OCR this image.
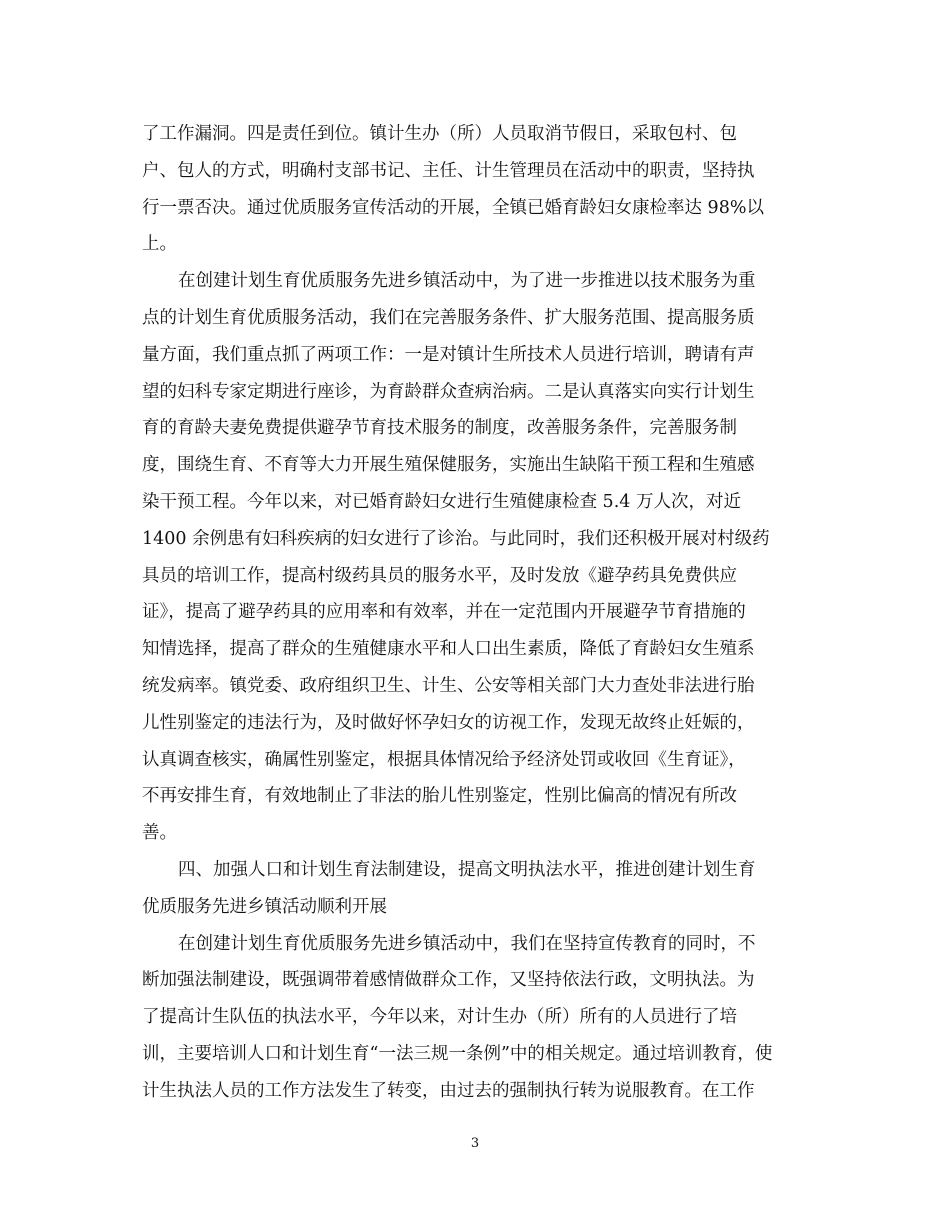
了工作漏洞。四是责任到位。镇计生办（所）人员取消节假日，采取包村、包
户、包人的方式，明确村支部书记、主任、计生管理员在活动中的职责，坚持执
行一票否决。通过优质服务宣传活动的开展，全镇已婚育龄妇女康检率达 98%以
上。
在创建计划生育优质服务先进乡镇活动中，为了进一步推进以技术服务为重
点的计划生育优质服务活动，我们在完善服务条件、扩大服务范围、提高服务质
量方面，我们重点抓了两项工作：一是对镇计生所技术人员进行培训，聘请有声
望的妇科专家定期进行座诊，为育龄群众查病治病。二是认真落实向实行计划生
育的育龄夫妻免费提供避孕节育技术服务的制度，改善服务条件，完善服务制
度，围绕生育、不育等大力开展生殖保健服务，实施出生缺陷干预工程和生殖感
染干预工程。今年以来，对已婚育龄妇女进行生殖健康检查 5.4 万人次，对近
1400 余例患有妇科疾病的妇女进行了诊治。与此同时，我们还积极开展对村级药
具员的培训工作，提高村级药具员的服务水平，及时发放《避孕药具免费供应
证》，提高了避孕药具的应用率和有效率，并在一定范围内开展避孕节育措施的
知情选择，提高了群众的生殖健康水平和人口出生素质，降低了育龄妇女生殖系
统发病率。镇党委、政府组织卫生、计生、公安等相关部门大力查处非法进行胎
儿性别鉴定的违法行为，及时做好怀孕妇女的访视工作，发现无故终止妊娠的，
认真调查核实，确属性别鉴定，根据具体情况给予经济处罚或收回《生育证》，
不再安排生育，有效地制止了非法的胎儿性别鉴定，性别比偏高的情况有所改
善。
四、加强人口和计划生育法制建设，提高文明执法水平，推进创建计划生育
优质服务先进乡镇活动顺利开展
在创建计划生育优质服务先进乡镇活动中，我们在坚持宣传教育的同时，不
断加强法制建设，既强调带着感情做群众工作，又坚持依法行政，文明执法。为
了提高计生队伍的执法水平，今年以来，对计生办（所）所有的人员进行了培
训，主要培训人口和计划生育“一法三规一条例”中的相关规定。通过培训教育，使
计生执法人员的工作方法发生了转变，由过去的强制执行转为说服教育。在工作
3
